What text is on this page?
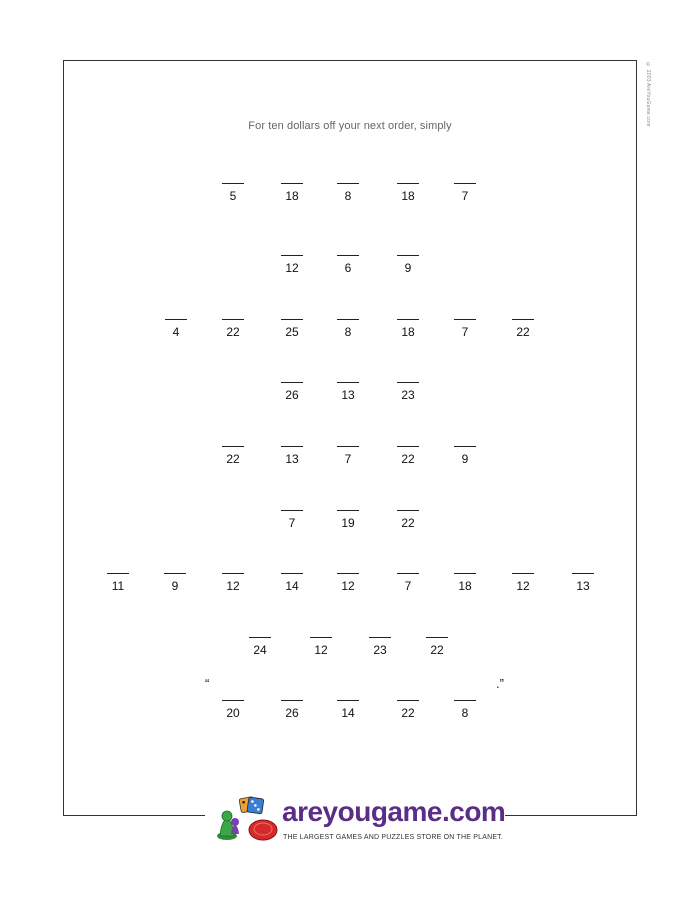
© 2003 AreYouGame.com
For ten dollars off your next order, simply
5	18	8	18	7
12	6	9
4	22	25	8	18	7	22
26	13	23
22	13	7	22	9
7	19	22
11	9	12	14	12	7	18	12	13
24	12	23	22
“
20	26	14	22	8
.”
areyougame.com
THE LARGEST GAMES AND PUZZLES STORE ON THE PLANET.
